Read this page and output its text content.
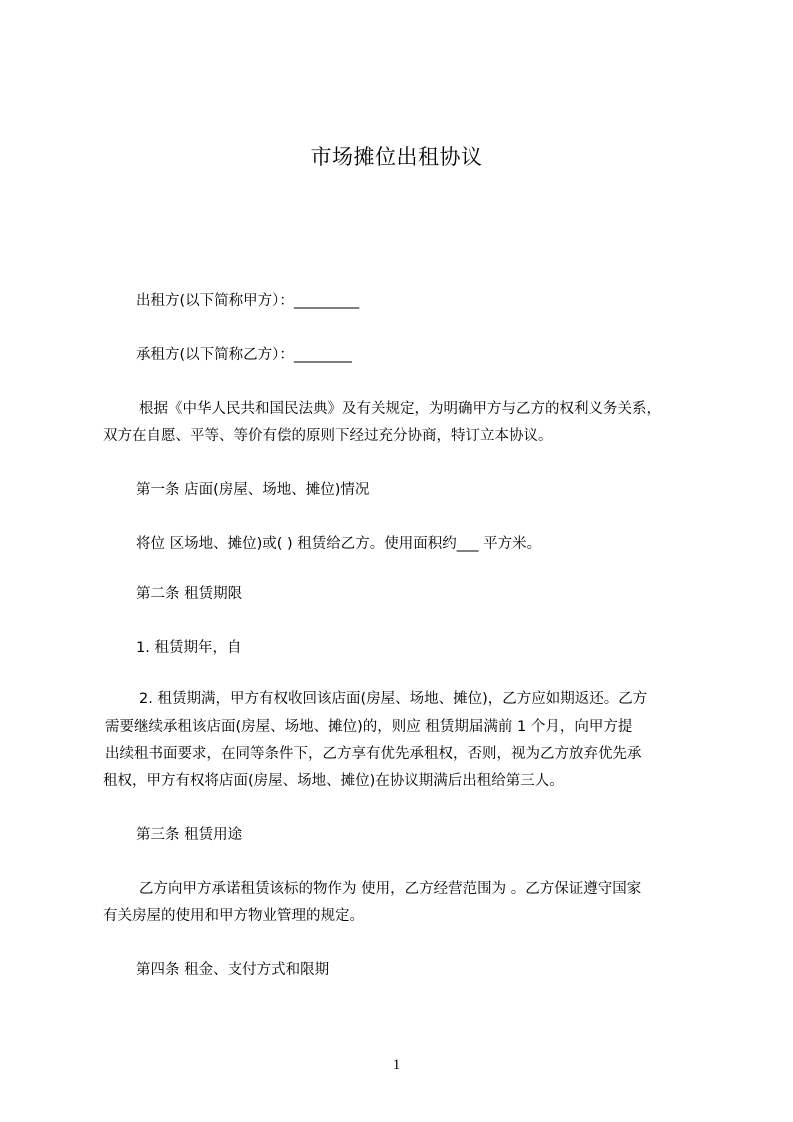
市场摊位出租协议
出租方(以下简称甲方）：_________
承租方(以下简称乙方）：________
根据《中华人民共和国民法典》及有关规定，为明确甲方与乙方的权利义务关系，
双方在自愿、平等、等价有偿的原则下经过充分协商，特订立本协议。
第一条 店面(房屋、场地、摊位)情况
将位 区场地、摊位)或( ) 租赁给乙方。使用面积约___ 平方米。
第二条 租赁期限
1. 租赁期年，自
2. 租赁期满，甲方有权收回该店面(房屋、场地、摊位)，乙方应如期返还。乙方
需要继续承租该店面(房屋、场地、摊位)的，则应 租赁期届满前 1 个月，向甲方提
出续租书面要求，在同等条件下，乙方享有优先承租权，否则，视为乙方放弃优先承
租权，甲方有权将店面(房屋、场地、摊位)在协议期满后出租给第三人。
第三条 租赁用途
乙方向甲方承诺租赁该标的物作为 使用，乙方经营范围为 。乙方保证遵守国家
有关房屋的使用和甲方物业管理的规定。
第四条 租金、支付方式和限期
1
